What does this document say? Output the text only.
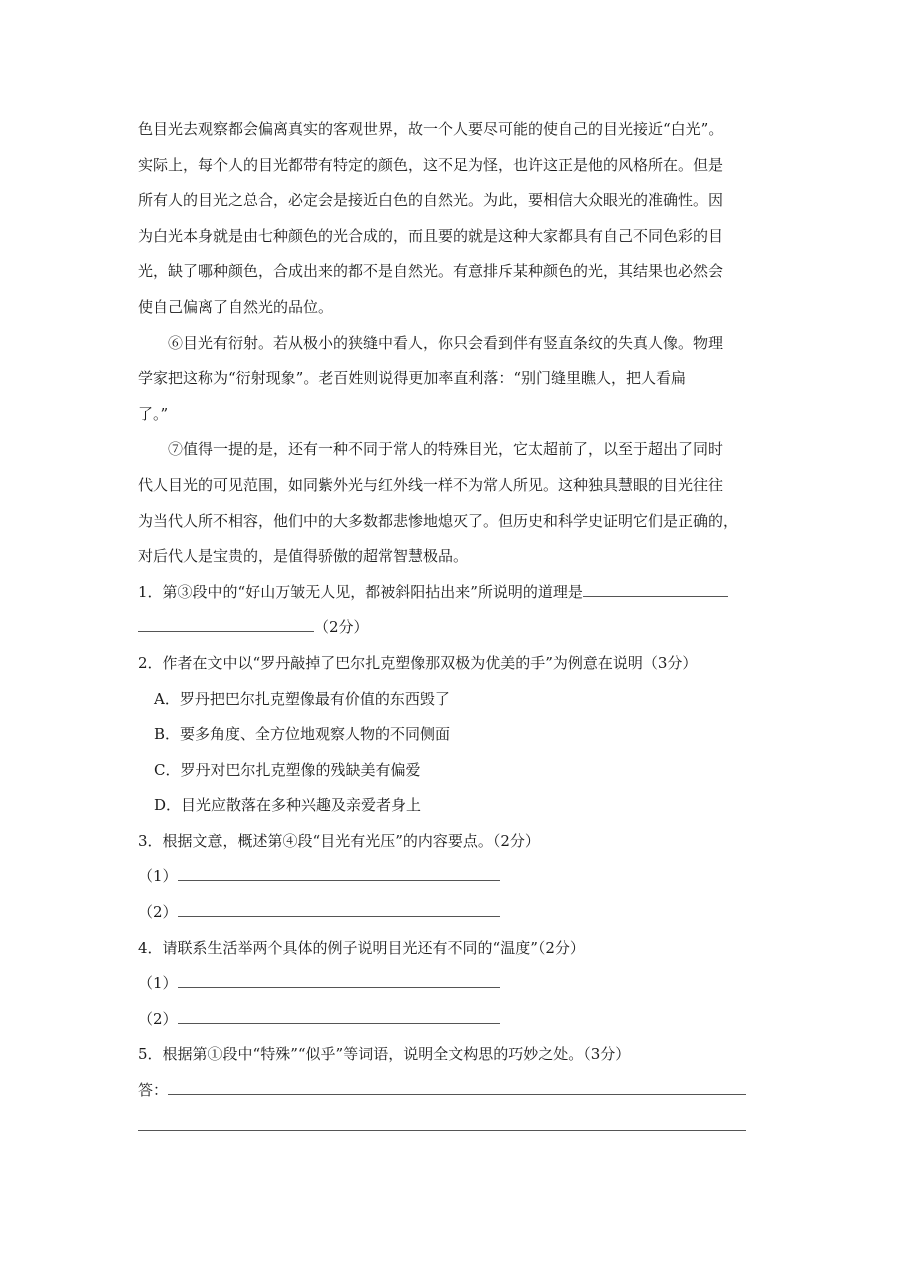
色目光去观察都会偏离真实的客观世界，故一个人要尽可能的使自己的目光接近“白光”。
实际上，每个人的目光都带有特定的颜色，这不足为怪，也许这正是他的风格所在。但是
所有人的目光之总合，必定会是接近白色的自然光。为此，要相信大众眼光的准确性。因
为白光本身就是由七种颜色的光合成的，而且要的就是这种大家都具有自己不同色彩的目
光，缺了哪种颜色，合成出来的都不是自然光。有意排斥某种颜色的光，其结果也必然会
使自己偏离了自然光的品位。
⑥目光有衍射。若从极小的狭缝中看人，你只会看到伴有竖直条纹的失真人像。物理
学家把这称为“衍射现象”。老百姓则说得更加率直利落：“别门缝里瞧人，把人看扁
了。”
⑦值得一提的是，还有一种不同于常人的特殊目光，它太超前了，以至于超出了同时
代人目光的可见范围，如同紫外光与红外线一样不为常人所见。这种独具慧眼的目光往往
为当代人所不相容，他们中的大多数都悲惨地熄灭了。但历史和科学史证明它们是正确的，
对后代人是宝贵的，是值得骄傲的超常智慧极品。
1．第③段中的“好山万皱无人见，都被斜阳拈出来”所说明的道理是
（2分）
2．作者在文中以“罗丹敲掉了巴尔扎克塑像那双极为优美的手”为例意在说明（3分）
A．罗丹把巴尔扎克塑像最有价值的东西毁了
B．要多角度、全方位地观察人物的不同侧面
C．罗丹对巴尔扎克塑像的残缺美有偏爱
D．目光应散落在多种兴趣及亲爱者身上
3．根据文意，概述第④段“目光有光压”的内容要点。（2分）
（1）
（2）
4．请联系生活举两个具体的例子说明目光还有不同的“温度”（2分）
（1）
（2）
5．根据第①段中“特殊”“似乎”等词语，说明全文构思的巧妙之处。（3分）
答：
